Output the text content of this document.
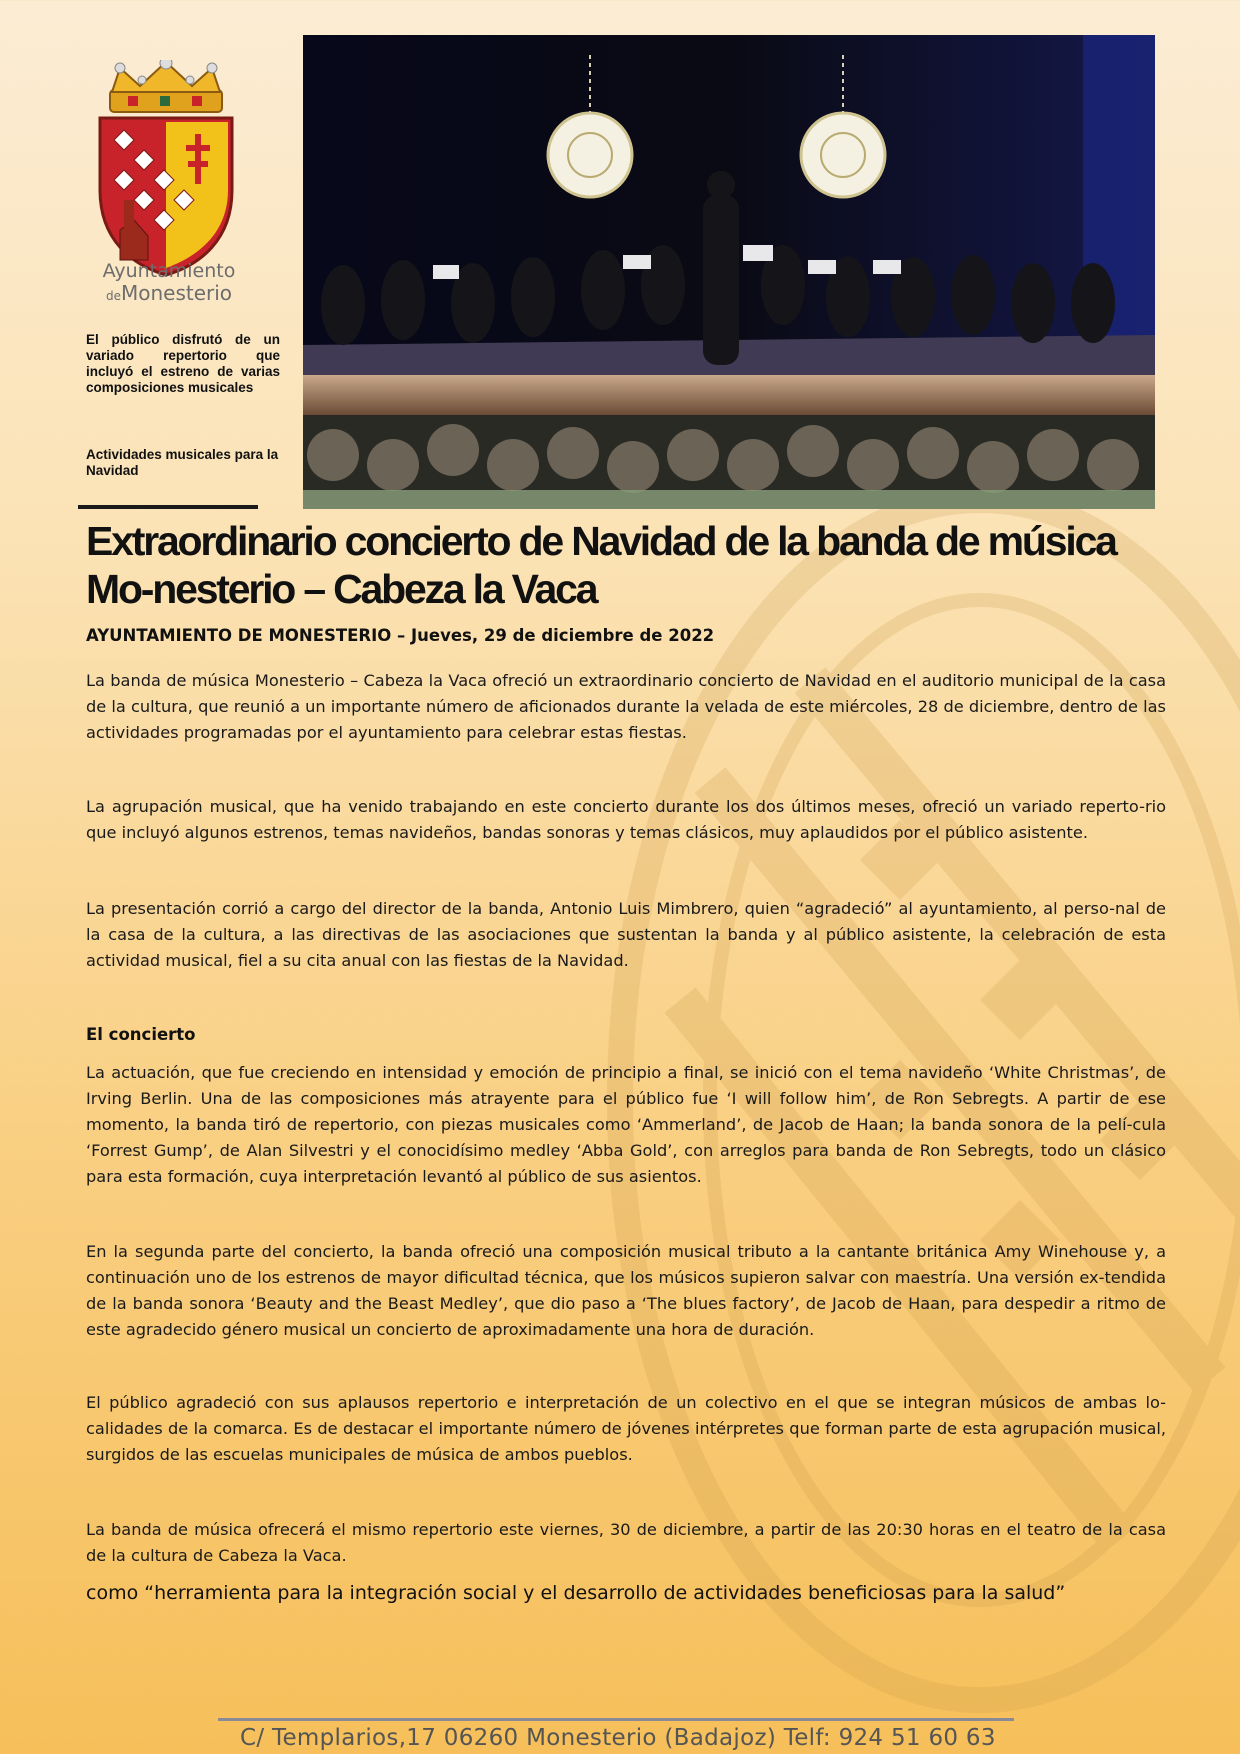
Ayuntamiento
deMonesterio
El público disfrutó de un variado repertorio que incluyó el estreno de varias composiciones musicales
Actividades musicales para la Navidad
Extraordinario concierto de Navidad de la banda de música Mo-nesterio – Cabeza la Vaca
AYUNTAMIENTO DE MONESTERIO – Jueves, 29 de diciembre de 2022

La banda de música Monesterio – Cabeza la Vaca ofreció un extraordinario concierto de Navidad en el auditorio municipal de la casa de la cultura, que reunió a un importante número de aficionados durante la velada de este miércoles, 28 de diciembre, dentro de las actividades programadas por el ayuntamiento para celebrar estas fiestas.

La agrupación musical, que ha venido trabajando en este concierto durante los dos últimos meses, ofreció un variado reperto-rio que incluyó algunos estrenos, temas navideños, bandas sonoras y temas clásicos, muy aplaudidos por el público asistente.

La presentación corrió a cargo del director de la banda, Antonio Luis Mimbrero, quien “agradeció” al ayuntamiento, al perso-nal de la casa de la cultura, a las directivas de las asociaciones que sustentan la banda y al público asistente, la celebración de esta actividad musical, fiel a su cita anual con las fiestas de la Navidad.

El concierto

La actuación, que fue creciendo en intensidad y emoción de principio a final, se inició con el tema navideño ‘White Christmas’, de Irving Berlin. Una de las composiciones más atrayente para el público fue ‘I will follow him’, de Ron Sebregts. A partir de ese momento, la banda tiró de repertorio, con piezas musicales como ‘Ammerland’, de Jacob de Haan; la banda sonora de la pelí-cula ‘Forrest Gump’, de Alan Silvestri y el conocidísimo medley ‘Abba Gold’, con arreglos para banda de Ron Sebregts, todo un clásico para esta formación, cuya interpretación levantó al público de sus asientos.

En la segunda parte del concierto, la banda ofreció una composición musical tributo a la cantante británica Amy Winehouse y, a continuación uno de los estrenos de mayor dificultad técnica, que los músicos supieron salvar con maestría. Una versión ex-tendida de la banda sonora ‘Beauty and the Beast Medley’, que dio paso a ‘The blues factory’, de Jacob de Haan, para despedir a ritmo de este agradecido género musical un concierto de aproximadamente una hora de duración.

El público agradeció con sus aplausos repertorio e interpretación de un colectivo en el que se integran músicos de ambas lo-calidades de la comarca. Es de destacar el importante número de jóvenes intérpretes que forman parte de esta agrupación musical, surgidos de las escuelas municipales de música de ambos pueblos.

La banda de música ofrecerá el mismo repertorio este viernes, 30 de diciembre, a partir de las 20:30 horas en el teatro de la casa de la cultura de Cabeza la Vaca.

como “herramienta para la integración social y el desarrollo de actividades beneficiosas para la salud”
C/ Templarios,17 06260 Monesterio (Badajoz) Telf: 924 51 60 63
